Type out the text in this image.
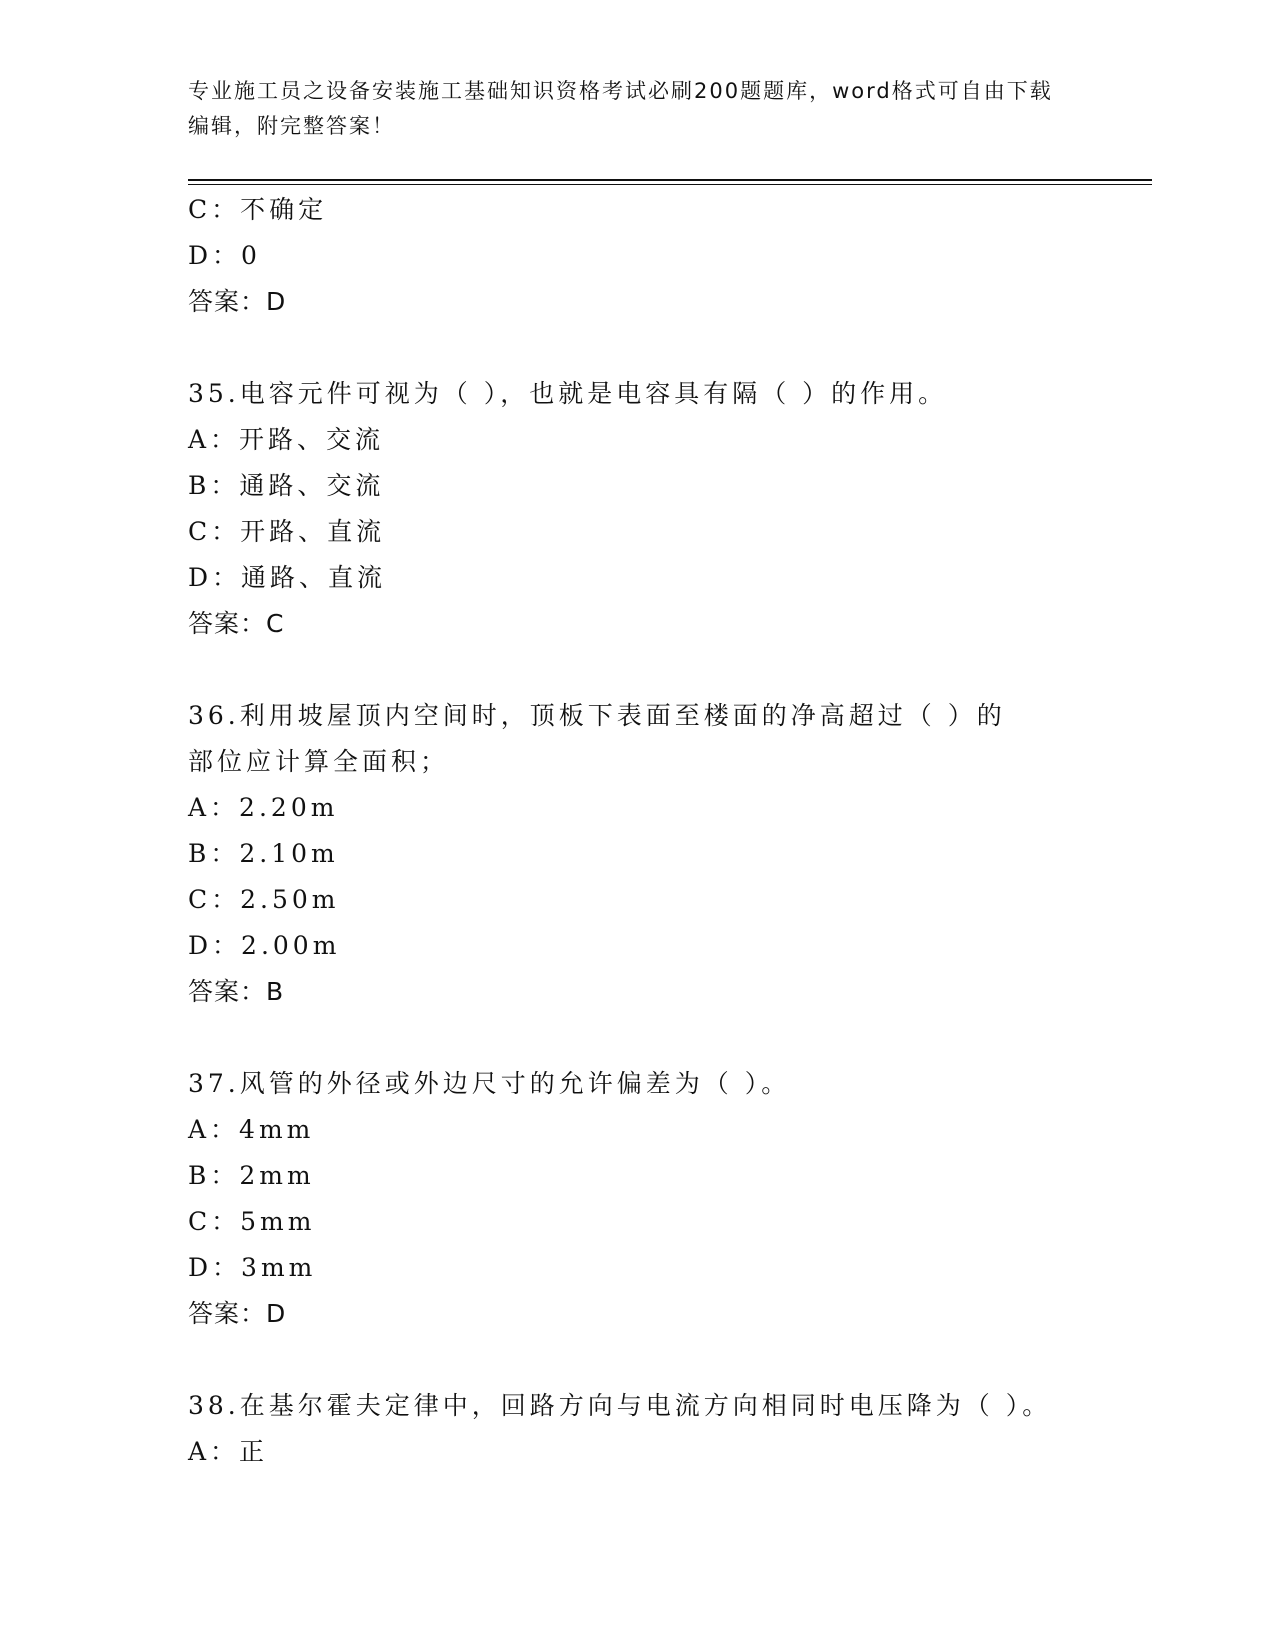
专业施工员之设备安装施工基础知识资格考试必刷200题题库，word格式可自由下载编辑，附完整答案！
C：不确定
D：0
答案：D
35.电容元件可视为（ ），也就是电容具有隔（ ）的作用。
A：开路、交流
B：通路、交流
C：开路、直流
D：通路、直流
答案：C
36.利用坡屋顶内空间时，顶板下表面至楼面的净高超过（ ）的部位应计算全面积；
A：2.20m
B：2.10m
C：2.50m
D：2.00m
答案：B
37.风管的外径或外边尺寸的允许偏差为（ ）。
A：4mm
B：2mm
C：5mm
D：3mm
答案：D
38.在基尔霍夫定律中，回路方向与电流方向相同时电压降为（ ）。
A：正
